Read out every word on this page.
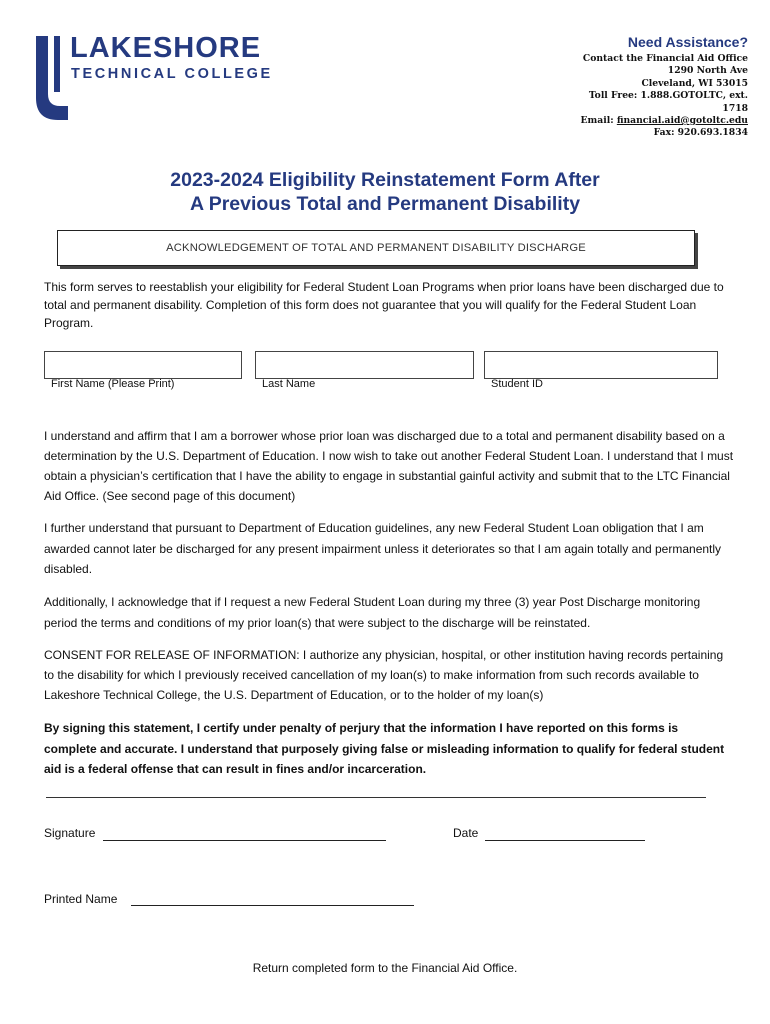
LAKESHORE
TECHNICAL COLLEGE
Need Assistance?
Contact the Financial Aid Office
1290 North Ave
Cleveland, WI 53015
Toll Free: 1.888.GOTOLTC, ext.
1718
Email: financial.aid@gotoltc.edu
Fax: 920.693.1834
2023-2024 Eligibility Reinstatement Form After
A Previous Total and Permanent Disability
ACKNOWLEDGEMENT OF TOTAL AND PERMANENT DISABILITY DISCHARGE
This form serves to reestablish your eligibility for Federal Student Loan Programs when prior loans have been discharged due to total and permanent disability. Completion of this form does not guarantee that you will qualify for the Federal Student Loan Program.
First Name (Please Print)	Last Name	Student ID
I understand and affirm that I am a borrower whose prior loan was discharged due to a total and permanent disability based on a determination by the U.S. Department of Education. I now wish to take out another Federal Student Loan. I understand that I must obtain a physician’s certification that I have the ability to engage in substantial gainful activity and submit that to the LTC Financial Aid Office. (See second page of this document)
I further understand that pursuant to Department of Education guidelines, any new Federal Student Loan obligation that I am awarded cannot later be discharged for any present impairment unless it deteriorates so that I am again totally and permanently disabled.
Additionally, I acknowledge that if I request a new Federal Student Loan during my three (3) year Post Discharge monitoring period the terms and conditions of my prior loan(s) that were subject to the discharge will be reinstated.
CONSENT FOR RELEASE OF INFORMATION: I authorize any physician, hospital, or other institution having records pertaining to the disability for which I previously received cancellation of my loan(s) to make information from such records available to Lakeshore Technical College, the U.S. Department of Education, or to the holder of my loan(s)
By signing this statement, I certify under penalty of perjury that the information I have reported on this forms is complete and accurate. I understand that purposely giving false or misleading information to qualify for federal student aid is a federal offense that can result in fines and/or incarceration.
Signature	Date
Printed Name
Return completed form to the Financial Aid Office.
